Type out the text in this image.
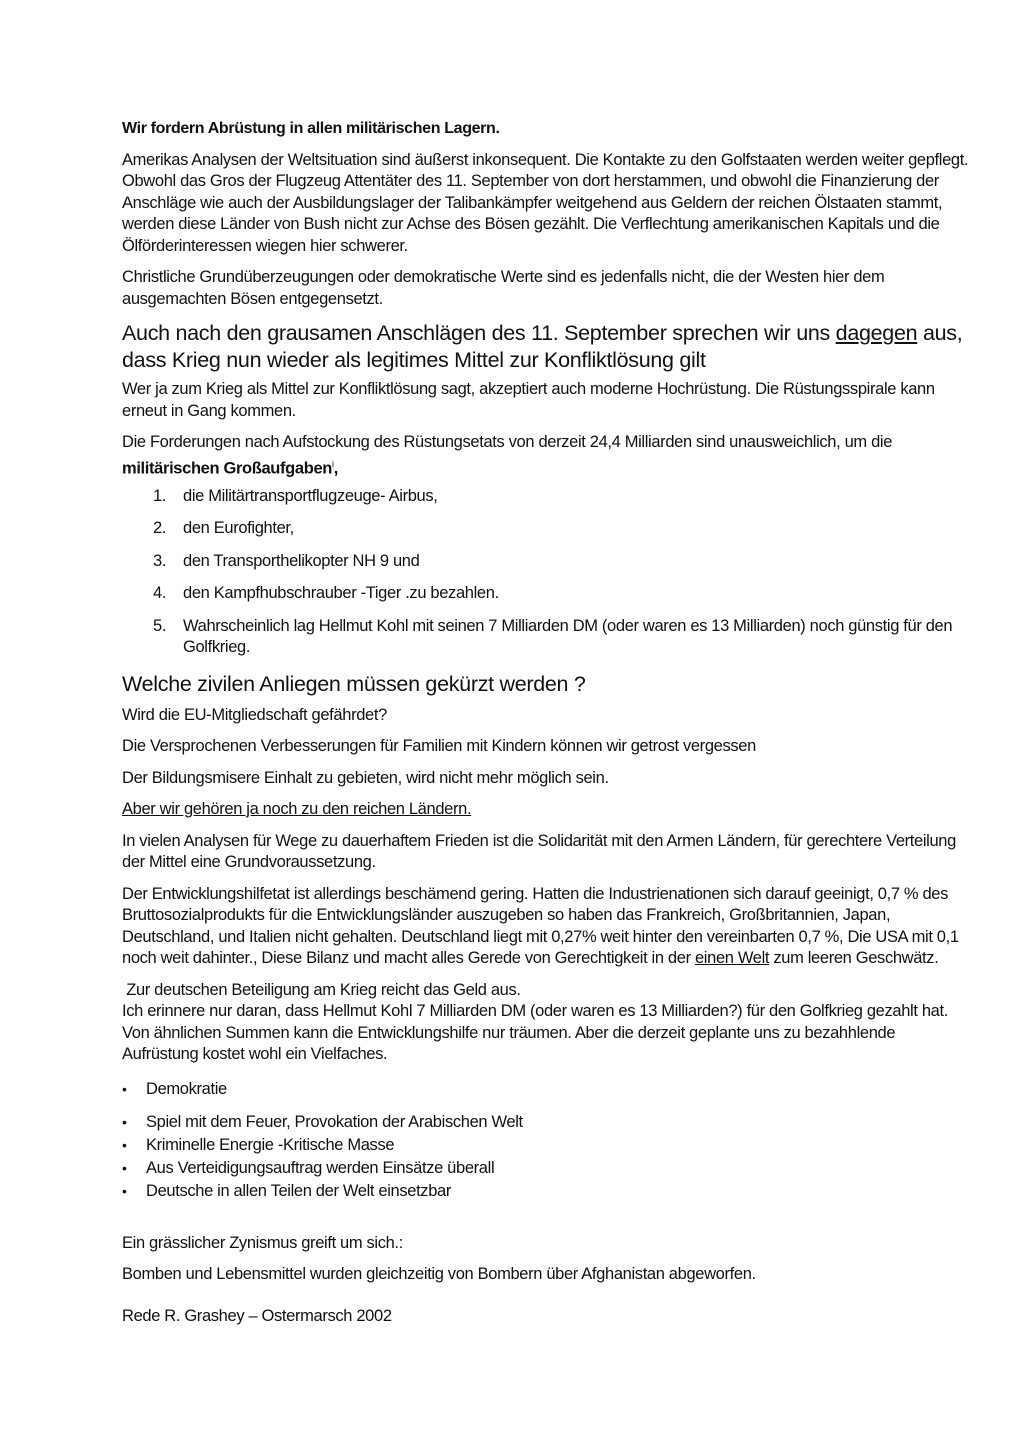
Wir fordern Abrüstung in allen militärischen Lagern.

Amerikas Analysen der Weltsituation sind äußerst inkonsequent. Die Kontakte zu den Golfstaaten werden weiter gepflegt. Obwohl das Gros der Flugzeug Attentäter des 11. September von dort herstammen, und obwohl die Finanzierung der Anschläge wie auch der Ausbildungslager der Talibankämpfer weitgehend aus Geldern der reichen Ölstaaten stammt, werden diese Länder von Bush nicht zur Achse des Bösen gezählt. Die Verflechtung amerikanischen Kapitals und die Ölförderinteressen wiegen hier schwerer.

Christliche Grundüberzeugungen oder demokratische Werte sind es jedenfalls nicht, die der Westen hier dem ausgemachten Bösen entgegensetzt.

Auch nach den grausamen Anschlägen des 11. September sprechen wir uns dagegen aus, dass Krieg nun wieder als legitimes Mittel zur Konfliktlösung gilt

Wer ja zum Krieg als Mittel zur Konfliktlösung sagt, akzeptiert auch moderne Hochrüstung. Die Rüstungsspirale kann erneut in Gang kommen.

Die Forderungen nach Aufstockung des Rüstungsetats von derzeit 24,4 Milliarden sind unausweichlich, um die militärischen Großaufgaben$^i$,

1.	die Militärtransportflugzeuge- Airbus,
2.	den Eurofighter,
3.	den Transporthelikopter NH 9 und
4.	den Kampfhubschrauber -Tiger .zu bezahlen.
5.	Wahrscheinlich lag Hellmut Kohl mit seinen 7 Milliarden DM (oder waren es 13 Milliarden) noch günstig für den Golfkrieg.
Welche zivilen Anliegen müssen gekürzt werden ?

Wird die EU-Mitgliedschaft gefährdet?

Die Versprochenen Verbesserungen für Familien mit Kindern können wir getrost vergessen

Der Bildungsmisere Einhalt zu gebieten, wird nicht mehr möglich sein.

Aber wir gehören ja noch zu den reichen Ländern.

In vielen Analysen für Wege zu dauerhaftem Frieden ist die Solidarität mit den Armen Ländern, für gerechtere Verteilung der Mittel eine Grundvoraussetzung.

Der Entwicklungshilfetat ist allerdings beschämend gering. Hatten die Industrienationen sich darauf geeinigt, 0,7 % des Bruttosozialprodukts für die Entwicklungsländer auszugeben so haben das Frankreich, Großbritannien, Japan, Deutschland, und Italien nicht gehalten. Deutschland liegt mit 0,27% weit hinter den vereinbarten 0,7 %, Die USA mit 0,1 noch weit dahinter., Diese Bilanz und macht alles Gerede von Gerechtigkeit in der einen Welt zum leeren Geschwätz.

Zur deutschen Beteiligung am Krieg reicht das Geld aus.

Ich erinnere nur daran, dass Hellmut Kohl 7 Milliarden DM (oder waren es 13 Milliarden?) für den Golfkrieg gezahlt hat. Von ähnlichen Summen kann die Entwicklungshilfe nur träumen. Aber die derzeit geplante uns zu bezahhlende Aufrüstung kostet wohl ein Vielfaches.

•	Demokratie
•	Spiel mit dem Feuer, Provokation der Arabischen Welt
•	Kriminelle Energie -Kritische Masse
•	Aus Verteidigungsauftrag werden Einsätze überall
•	Deutsche in allen Teilen der Welt einsetzbar

Ein grässlicher Zynismus greift um sich.:

Bomben und Lebensmittel wurden gleichzeitig von Bombern über Afghanistan abgeworfen.

Rede R. Grashey – Ostermarsch 2002
